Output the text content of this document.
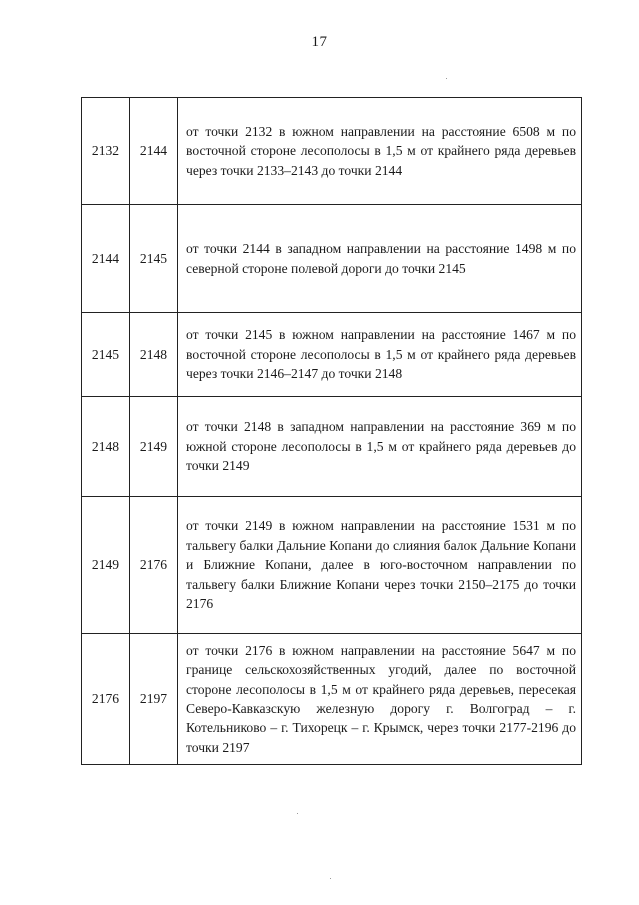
17
2132	2144	от точки 2132 в южном направлении на расстояние 6508 м по восточной стороне лесополосы в 1,5 м от крайнего ряда деревьев через точки 2133–2143 до точки 2144
2144	2145	от точки 2144 в западном направлении на расстояние 1498 м по северной стороне полевой дороги до точки 2145
2145	2148	от точки 2145 в южном направлении на расстояние 1467 м по восточной стороне лесополосы в 1,5 м от крайнего ряда деревьев через точки 2146–2147 до точки 2148
2148	2149	от точки 2148 в западном направлении на расстояние 369 м по южной стороне лесополосы в 1,5 м от крайнего ряда деревьев до точки 2149
2149	2176	от точки 2149 в южном направлении на расстояние 1531 м по тальвегу балки Дальние Копани до слияния балок Дальние Копани и Ближние Копани, далее в юго-восточном направлении по тальвегу балки Ближние Копани через точки 2150–2175 до точки 2176
2176	2197	от точки 2176 в южном направлении на расстояние 5647 м по границе сельскохозяйственных угодий, далее по восточной стороне лесополосы в 1,5 м от крайнего ряда деревьев, пересекая Северо-Кавказскую железную дорогу г. Волгоград – г. Котельниково – г. Тихорецк – г. Крымск, через точки 2177-2196 до точки 2197
